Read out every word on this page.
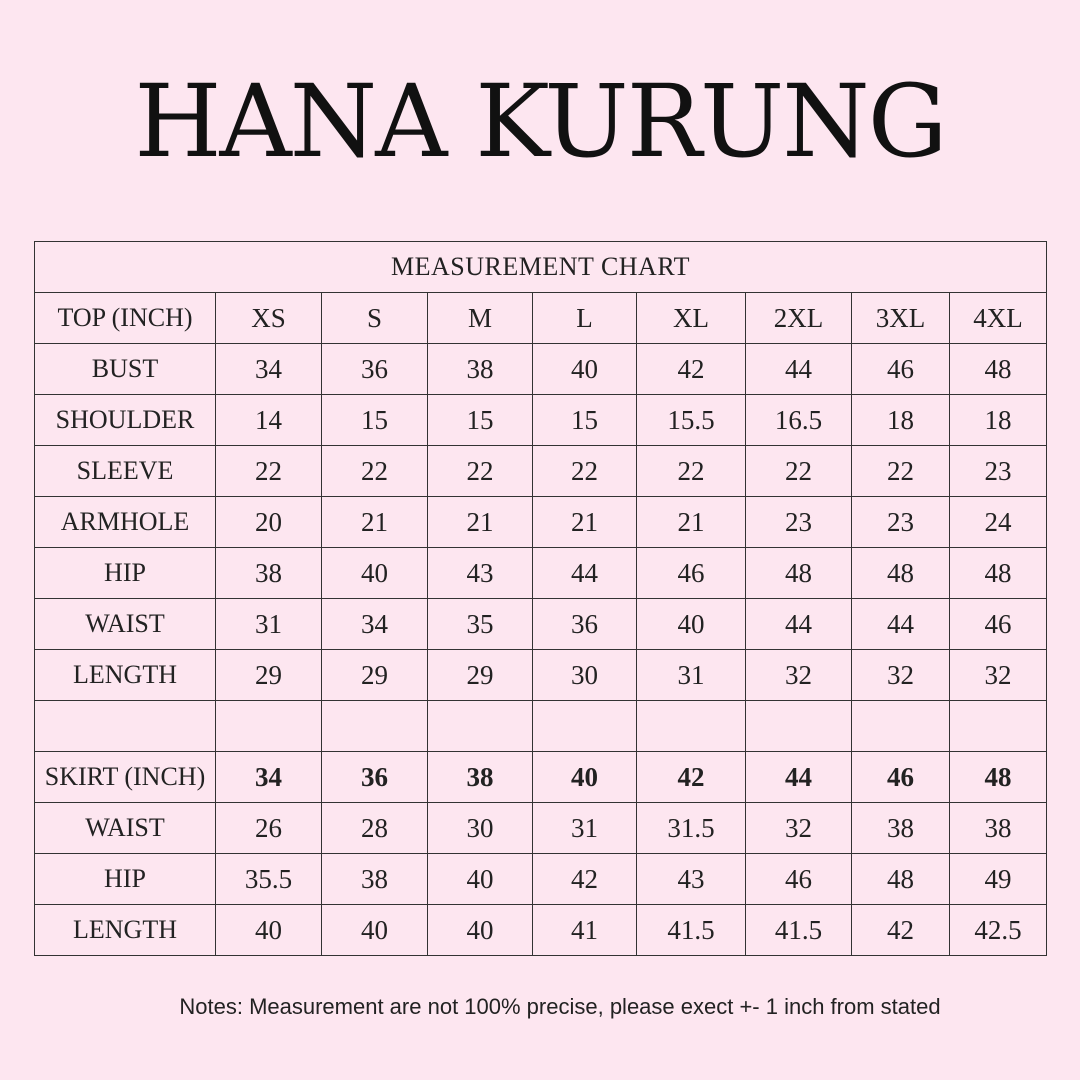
HANA KURUNG
MEASUREMENT CHART								
TOP (INCH)	XS	S	M	L	XL	2XL	3XL	4XL
BUST	34	36	38	40	42	44	46	48
SHOULDER	14	15	15	15	15.5	16.5	18	18
SLEEVE	22	22	22	22	22	22	22	23
ARMHOLE	20	21	21	21	21	23	23	24
HIP	38	40	43	44	46	48	48	48
WAIST	31	34	35	36	40	44	44	46
LENGTH	29	29	29	30	31	32	32	32

SKIRT (INCH)	34	36	38	40	42	44	46	48
WAIST	26	28	30	31	31.5	32	38	38
HIP	35.5	38	40	42	43	46	48	49
LENGTH	40	40	40	41	41.5	41.5	42	42.5

Notes: Measurement are not 100% precise, please exect +- 1 inch from stated
